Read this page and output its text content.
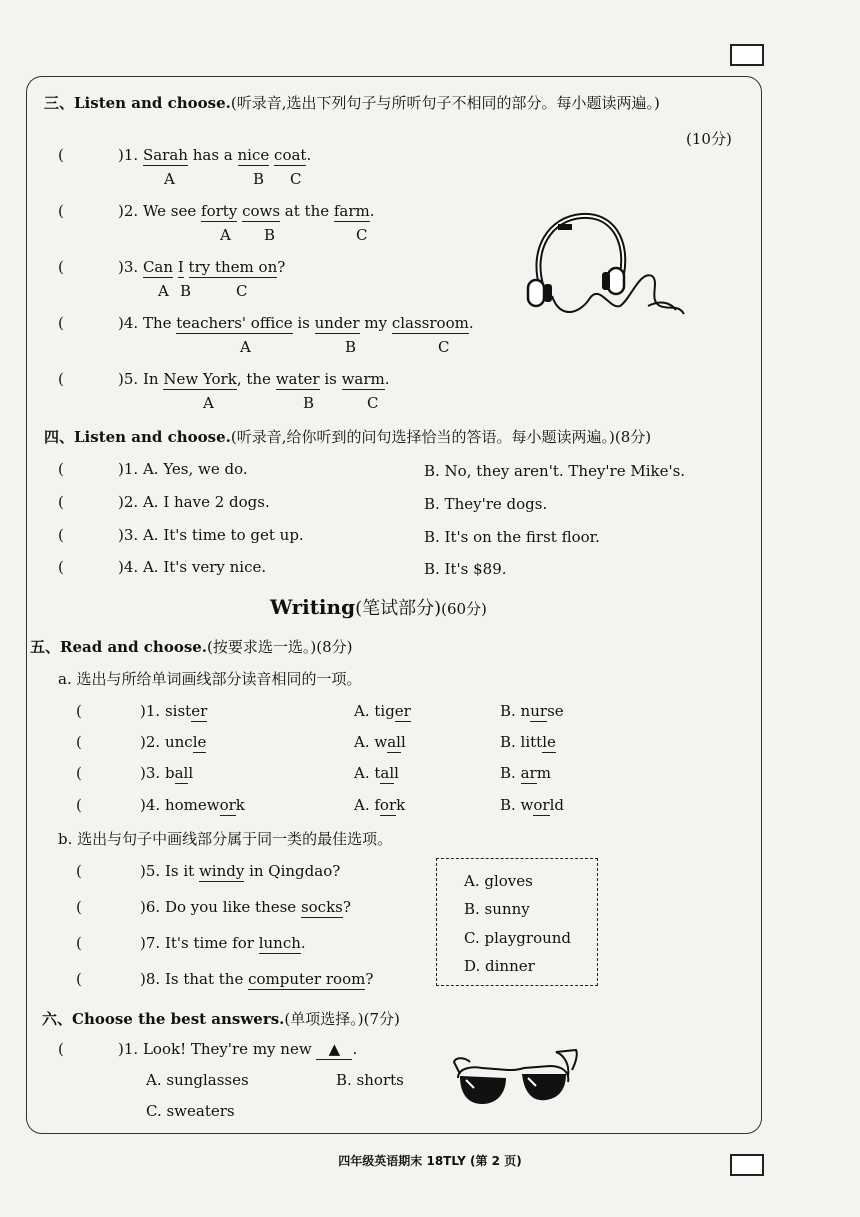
三、Listen and choose.(听录音,选出下列句子与所听句子不相同的部分。每小题读两遍。)
(10分)
(	)1. Sarah has a nice coat.
A	B C
(	)2. We see forty cows at the farm.
A B	C
(	)3. Can I try them on?
A B	C
(	)4. The teachers' office is under my classroom.
A	B	C
(	)5. In New York, the water is warm.
A	B	C
四、Listen and choose.(听录音,给你听到的问句选择恰当的答语。每小题读两遍。)(8分)
(	)1. A. Yes, we do.	B. No, they aren't. They're Mike's.
(	)2. A. I have 2 dogs.	B. They're dogs.
(	)3. A. It's time to get up.	B. It's on the first floor.
(	)4. A. It's very nice.	B. It's $89.
Writing(笔试部分)(60分)
五、Read and choose.(按要求选一选。)(8分)
a. 选出与所给单词画线部分读音相同的一项。
(	)1. sister	A. tiger	B. nurse
(	)2. uncle	A. wall	B. little
(	)3. ball	A. tall	B. arm
(	)4. homework	A. fork	B. world
b. 选出与句子中画线部分属于同一类的最佳选项。
(	)5. Is it windy in Qingdao?
(	)6. Do you like these socks?
(	)7. It's time for lunch.
(	)8. Is that the computer room?
A. gloves
B. sunny
C. playground
D. dinner
六、Choose the best answers.(单项选择。)(7分)
(	)1. Look! They're my new ▲ .
A. sunglasses	B. shorts
C. sweaters
四年级英语期末 18TLY (第 2 页)
